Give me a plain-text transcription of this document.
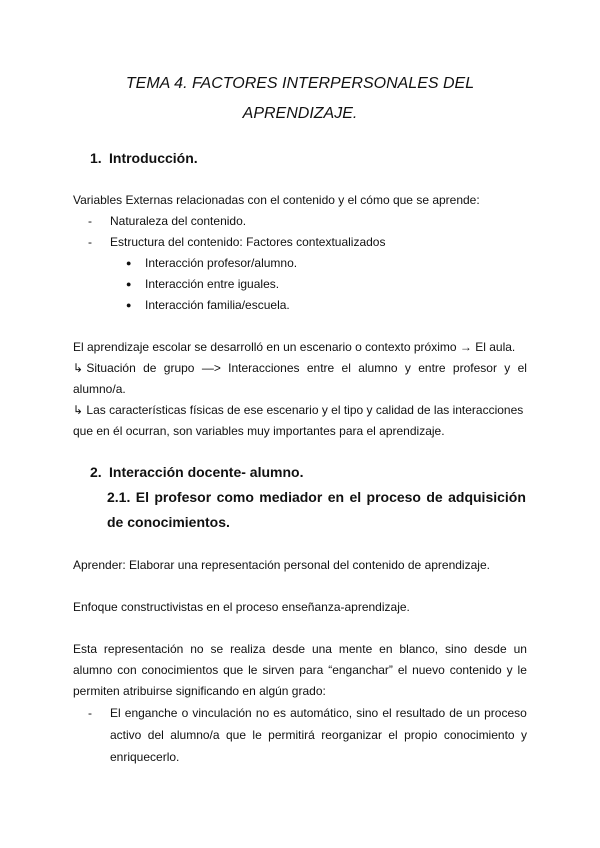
TEMA 4. FACTORES INTERPERSONALES DEL
APRENDIZAJE.
1. Introducción.
Variables Externas relacionadas con el contenido y el cómo que se aprende:
- Naturaleza del contenido.
- Estructura del contenido: Factores contextualizados
● Interacción profesor/alumno.
● Interacción entre iguales.
● Interacción familia/escuela.
El aprendizaje escolar se desarrolló en un escenario o contexto próximo → El aula.
↳ Situación de grupo —> Interacciones entre el alumno y entre profesor y el
alumno/a.
↳ Las características físicas de ese escenario y el tipo y calidad de las interacciones
que en él ocurran, son variables muy importantes para el aprendizaje.
2. Interacción docente- alumno.
2.1. El profesor como mediador en el proceso de adquisición
de conocimientos.
Aprender: Elaborar una representación personal del contenido de aprendizaje.
Enfoque constructivistas en el proceso enseñanza-aprendizaje.
Esta representación no se realiza desde una mente en blanco, sino desde un
alumno con conocimientos que le sirven para “enganchar” el nuevo contenido y le
permiten atribuirse significando en algún grado:
- El enganche o vinculación no es automático, sino el resultado de un proceso
activo del alumno/a que le permitirá reorganizar el propio conocimiento y
enriquecerlo.
